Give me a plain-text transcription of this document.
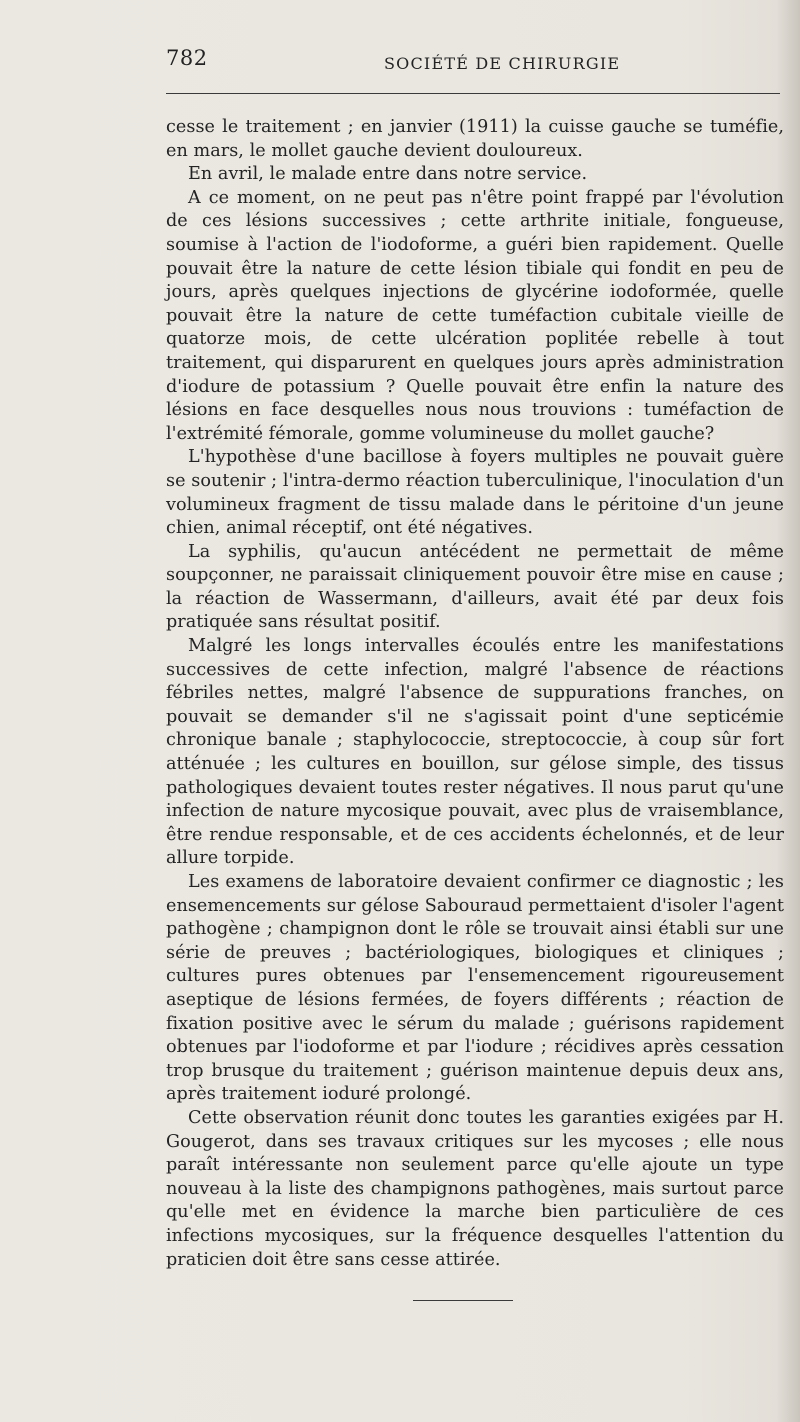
782	SOCIÉTÉ DE CHIRURGIE

cesse le traitement ; en janvier (1911) la cuisse gauche se tuméfie, en mars, le mollet gauche devient douloureux.

En avril, le malade entre dans notre service.

A ce moment, on ne peut pas n'être point frappé par l'évolution de ces lésions successives ; cette arthrite initiale, fongueuse, soumise à l'action de l'iodoforme, a guéri bien rapidement. Quelle pouvait être la nature de cette lésion tibiale qui fondit en peu de jours, après quelques injections de glycérine iodoformée, quelle pouvait être la nature de cette tuméfaction cubitale vieille de quatorze mois, de cette ulcération poplitée rebelle à tout traitement, qui disparurent en quelques jours après administration d'iodure de potassium ? Quelle pouvait être enfin la nature des lésions en face desquelles nous nous trouvions : tuméfaction de l'extrémité fémorale, gomme volumineuse du mollet gauche?

L'hypothèse d'une bacillose à foyers multiples ne pouvait guère se soutenir ; l'intra-dermo réaction tuberculinique, l'inoculation d'un volumineux fragment de tissu malade dans le péritoine d'un jeune chien, animal réceptif, ont été négatives.

La syphilis, qu'aucun antécédent ne permettait de même soupçonner, ne paraissait cliniquement pouvoir être mise en cause ; la réaction de Wassermann, d'ailleurs, avait été par deux fois pratiquée sans résultat positif.

Malgré les longs intervalles écoulés entre les manifestations successives de cette infection, malgré l'absence de réactions fébriles nettes, malgré l'absence de suppurations franches, on pouvait se demander s'il ne s'agissait point d'une septicémie chronique banale ; staphylococcie, streptococcie, à coup sûr fort atténuée ; les cultures en bouillon, sur gélose simple, des tissus pathologiques devaient toutes rester négatives. Il nous parut qu'une infection de nature mycosique pouvait, avec plus de vraisemblance, être rendue responsable, et de ces accidents échelonnés, et de leur allure torpide.

Les examens de laboratoire devaient confirmer ce diagnostic ; les ensemencements sur gélose Sabouraud permettaient d'isoler l'agent pathogène ; champignon dont le rôle se trouvait ainsi établi sur une série de preuves ; bactériologiques, biologiques et cliniques ; cultures pures obtenues par l'ensemencement rigoureusement aseptique de lésions fermées, de foyers différents ; réaction de fixation positive avec le sérum du malade ; guérisons rapidement obtenues par l'iodoforme et par l'iodure ; récidives après cessation trop brusque du traitement ; guérison maintenue depuis deux ans, après traitement ioduré prolongé.

Cette observation réunit donc toutes les garanties exigées par H. Gougerot, dans ses travaux critiques sur les mycoses ; elle nous paraît intéressante non seulement parce qu'elle ajoute un type nouveau à la liste des champignons pathogènes, mais surtout parce qu'elle met en évidence la marche bien particulière de ces infections mycosiques, sur la fréquence desquelles l'attention du praticien doit être sans cesse attirée.
